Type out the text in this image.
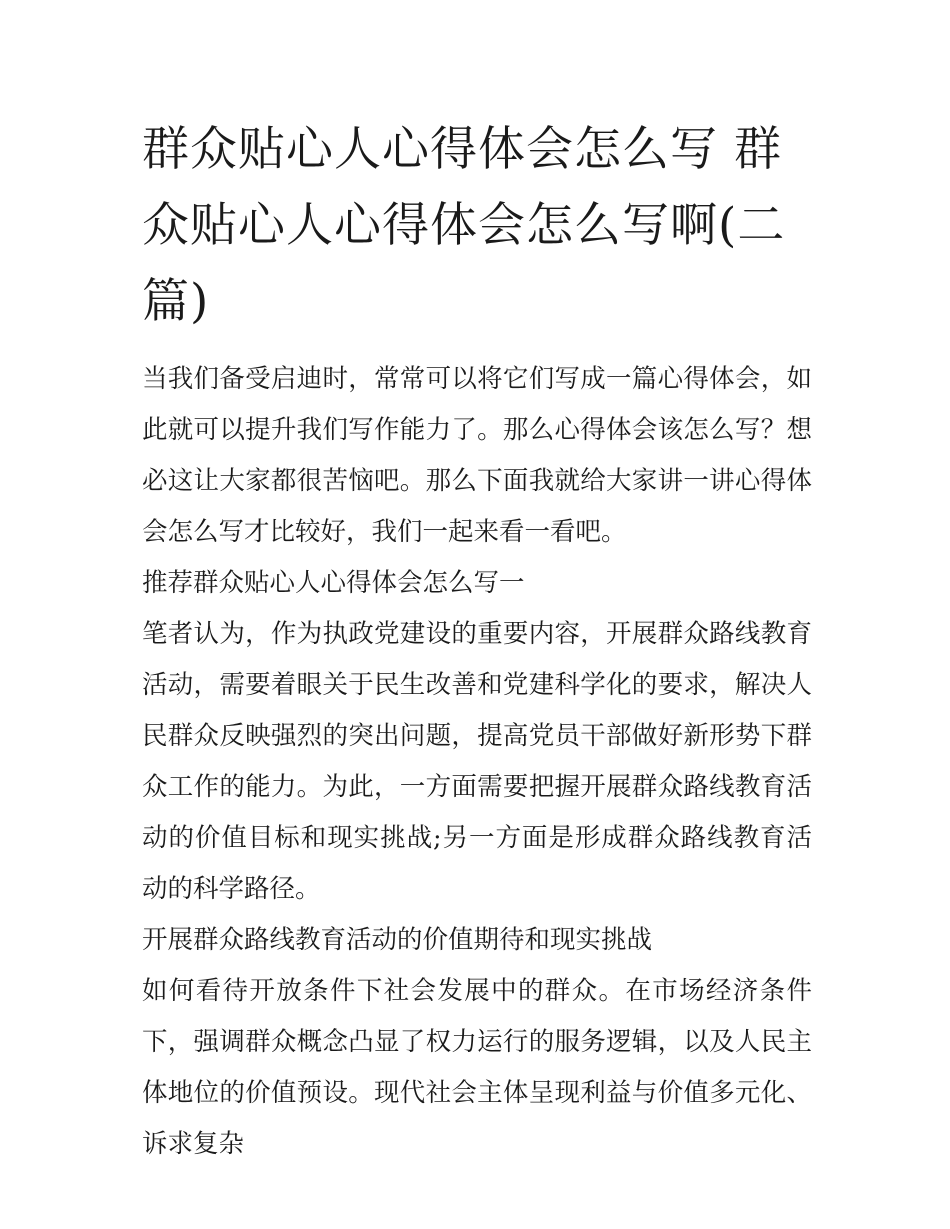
群众贴心人心得体会怎么写 群众贴心人心得体会怎么写啊(二篇)

当我们备受启迪时，常常可以将它们写成一篇心得体会，如此就可以提升我们写作能力了。那么心得体会该怎么写？想必这让大家都很苦恼吧。那么下面我就给大家讲一讲心得体会怎么写才比较好，我们一起来看一看吧。

推荐群众贴心人心得体会怎么写一

笔者认为，作为执政党建设的重要内容，开展群众路线教育活动，需要着眼关于民生改善和党建科学化的要求，解决人民群众反映强烈的突出问题，提高党员干部做好新形势下群众工作的能力。为此，一方面需要把握开展群众路线教育活动的价值目标和现实挑战;另一方面是形成群众路线教育活动的科学路径。

开展群众路线教育活动的价值期待和现实挑战

如何看待开放条件下社会发展中的群众。在市场经济条件下，强调群众概念凸显了权力运行的服务逻辑，以及人民主体地位的价值预设。现代社会主体呈现利益与价值多元化、诉求复杂
